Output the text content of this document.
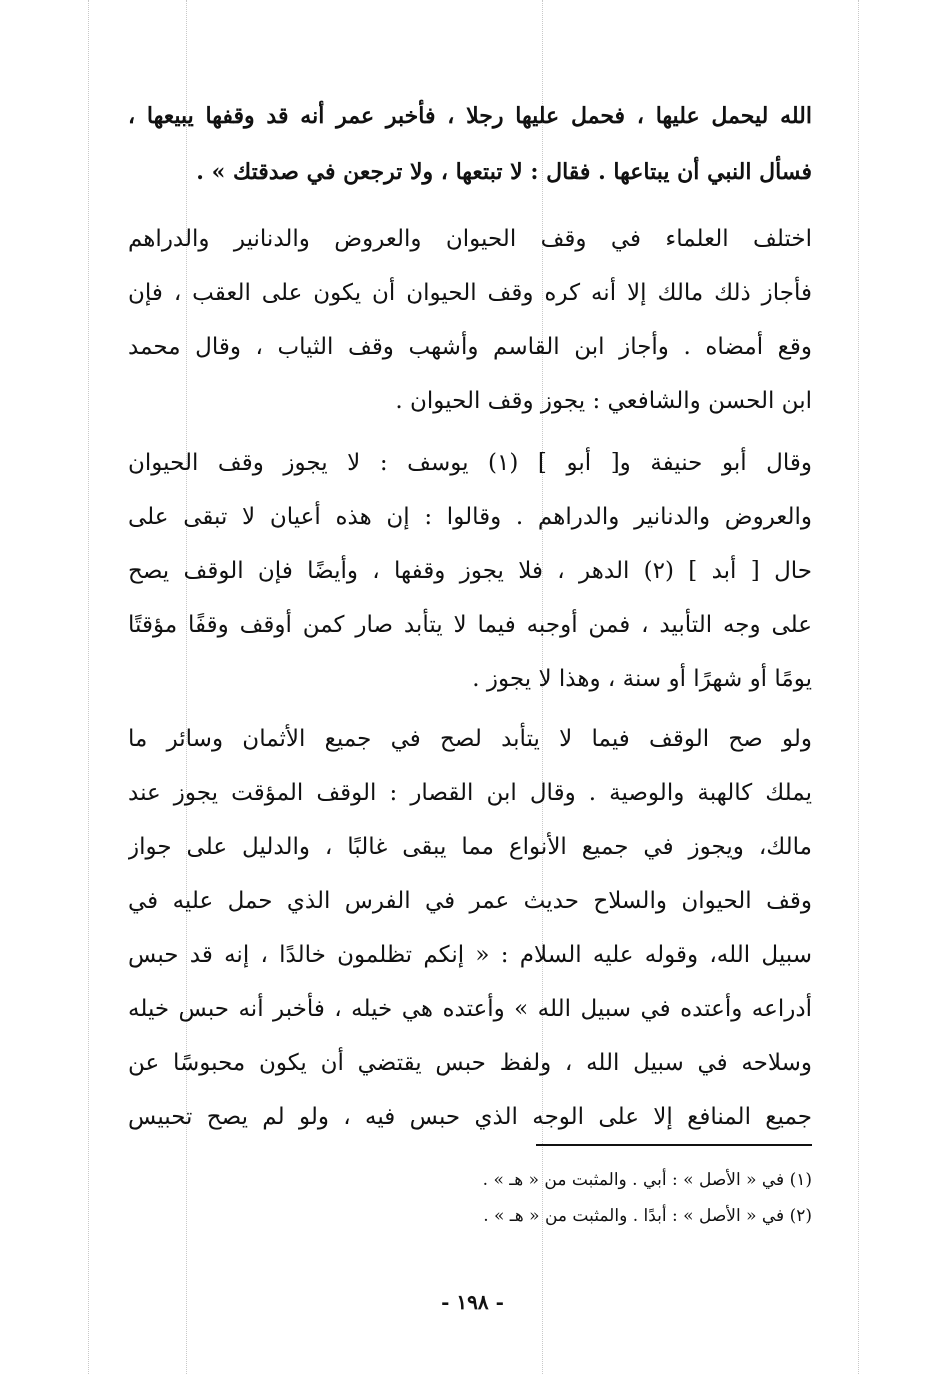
الله ليحمل عليها ، فحمل عليها رجلا ، فأخبر عمر أنه قد وقفها يبيعها ،
فسأل النبي أن يبتاعها . فقال : لا تبتعها ، ولا ترجعن في صدقتك » .
اختلف العلماء في وقف الحيوان والعروض والدنانير والدراهم
فأجاز ذلك مالك إلا أنه كره وقف الحيوان أن يكون على العقب ، فإن
وقع أمضاه . وأجاز ابن القاسم وأشهب وقف الثياب ، وقال محمد
ابن الحسن والشافعي : يجوز وقف الحيوان .
وقال أبو حنيفة و[ أبو ] (١) يوسف : لا يجوز وقف الحيوان
والعروض والدنانير والدراهم . وقالوا : إن هذه أعيان لا تبقى على
حال [ أبد ] (٢) الدهر ، فلا يجوز وقفها ، وأيضًا فإن الوقف يصح
على وجه التأبيد ، فمن أوجبه فيما لا يتأبد صار كمن أوقف وقفًا مؤقتًا
يومًا أو شهرًا أو سنة ، وهذا لا يجوز .
ولو صح الوقف فيما لا يتأبد لصح في جميع الأثمان وسائر ما
يملك كالهبة والوصية . وقال ابن القصار : الوقف المؤقت يجوز عند
مالك، ويجوز في جميع الأنواع مما يبقى غالبًا ، والدليل على جواز
وقف الحيوان والسلاح حديث عمر في الفرس الذي حمل عليه في
سبيل الله، وقوله عليه السلام : « إنكم تظلمون خالدًا ، إنه قد حبس
أدراعه وأعتده في سبيل الله » وأعتده هي خيله ، فأخبر أنه حبس خيله
وسلاحه في سبيل الله ، ولفظ حبس يقتضي أن يكون محبوسًا عن
جميع المنافع إلا على الوجه الذي حبس فيه ، ولو لم يصح تحبيس
(١) في « الأصل » : أبي . والمثبت من « هـ » .
(٢) في « الأصل » : أبدًا . والمثبت من « هـ » .
- ١٩٨ -
